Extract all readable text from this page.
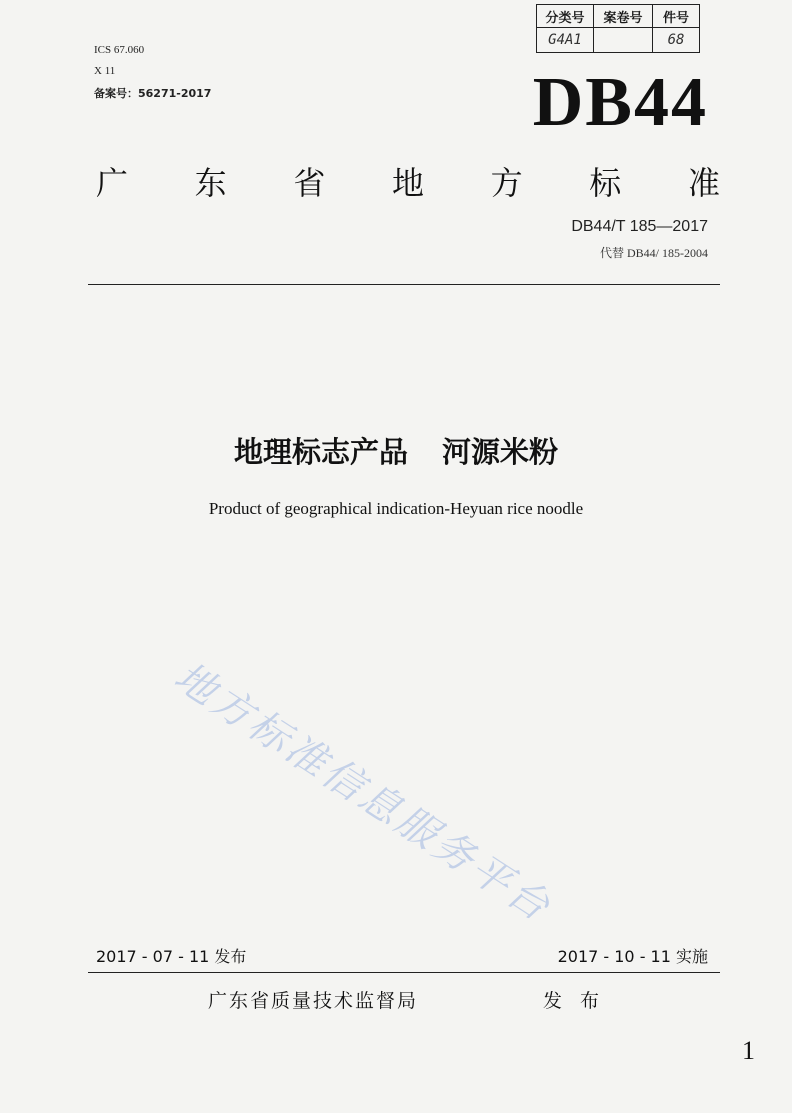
分类号	案卷号	件号
G4A1		68
ICS 67.060
X 11
备案号：56271-2017	DB44
广 东 省 地 方 标 准
DB44/T 185—2017
代替 DB44/ 185-2004
地理标志产品 河源米粉
Product of geographical indication-Heyuan rice noodle
地方标准信息服务平台
2017 - 07 - 11 发布	2017 - 10 - 11 实施
广东省质量技术监督局	发 布
1
